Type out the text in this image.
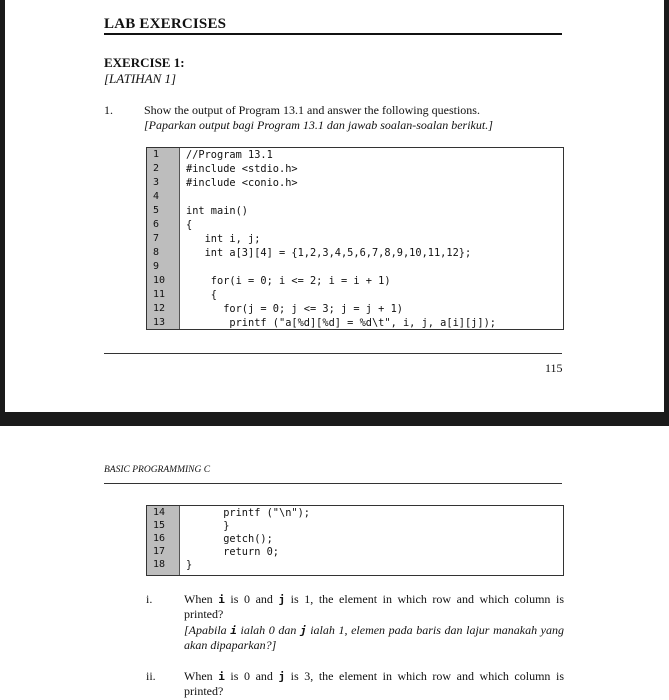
LAB EXERCISES
EXERCISE 1:
[LATIHAN 1]
1.	Show the output of Program 13.1 and answer the following questions.
[Paparkan output bagi Program 13.1 dan jawab soalan-soalan berikut.]
1
2
3
4
5
6
7
8
9
10
11
12
13
//Program 13.1
#include <stdio.h>
#include <conio.h>
int main()
{
int i, j;
int a[3][4] = {1,2,3,4,5,6,7,8,9,10,11,12};
for(i = 0; i <= 2; i = i + 1)
{
for(j = 0; j <= 3; j = j + 1)
printf ("a[%d][%d] = %d\t", i, j, a[i][j]);
115
BASIC PROGRAMMING C
14
15
16
17
18
printf ("\n");
}
getch();
return 0;
}
i.	When i is 0 and j is 1, the element in which row and which column is printed?
[Apabila i ialah 0 dan j ialah 1, elemen pada baris dan lajur manakah yang akan dipaparkan?]
ii. When i is 0 and j is 3, the element in which row and which column is printed?
